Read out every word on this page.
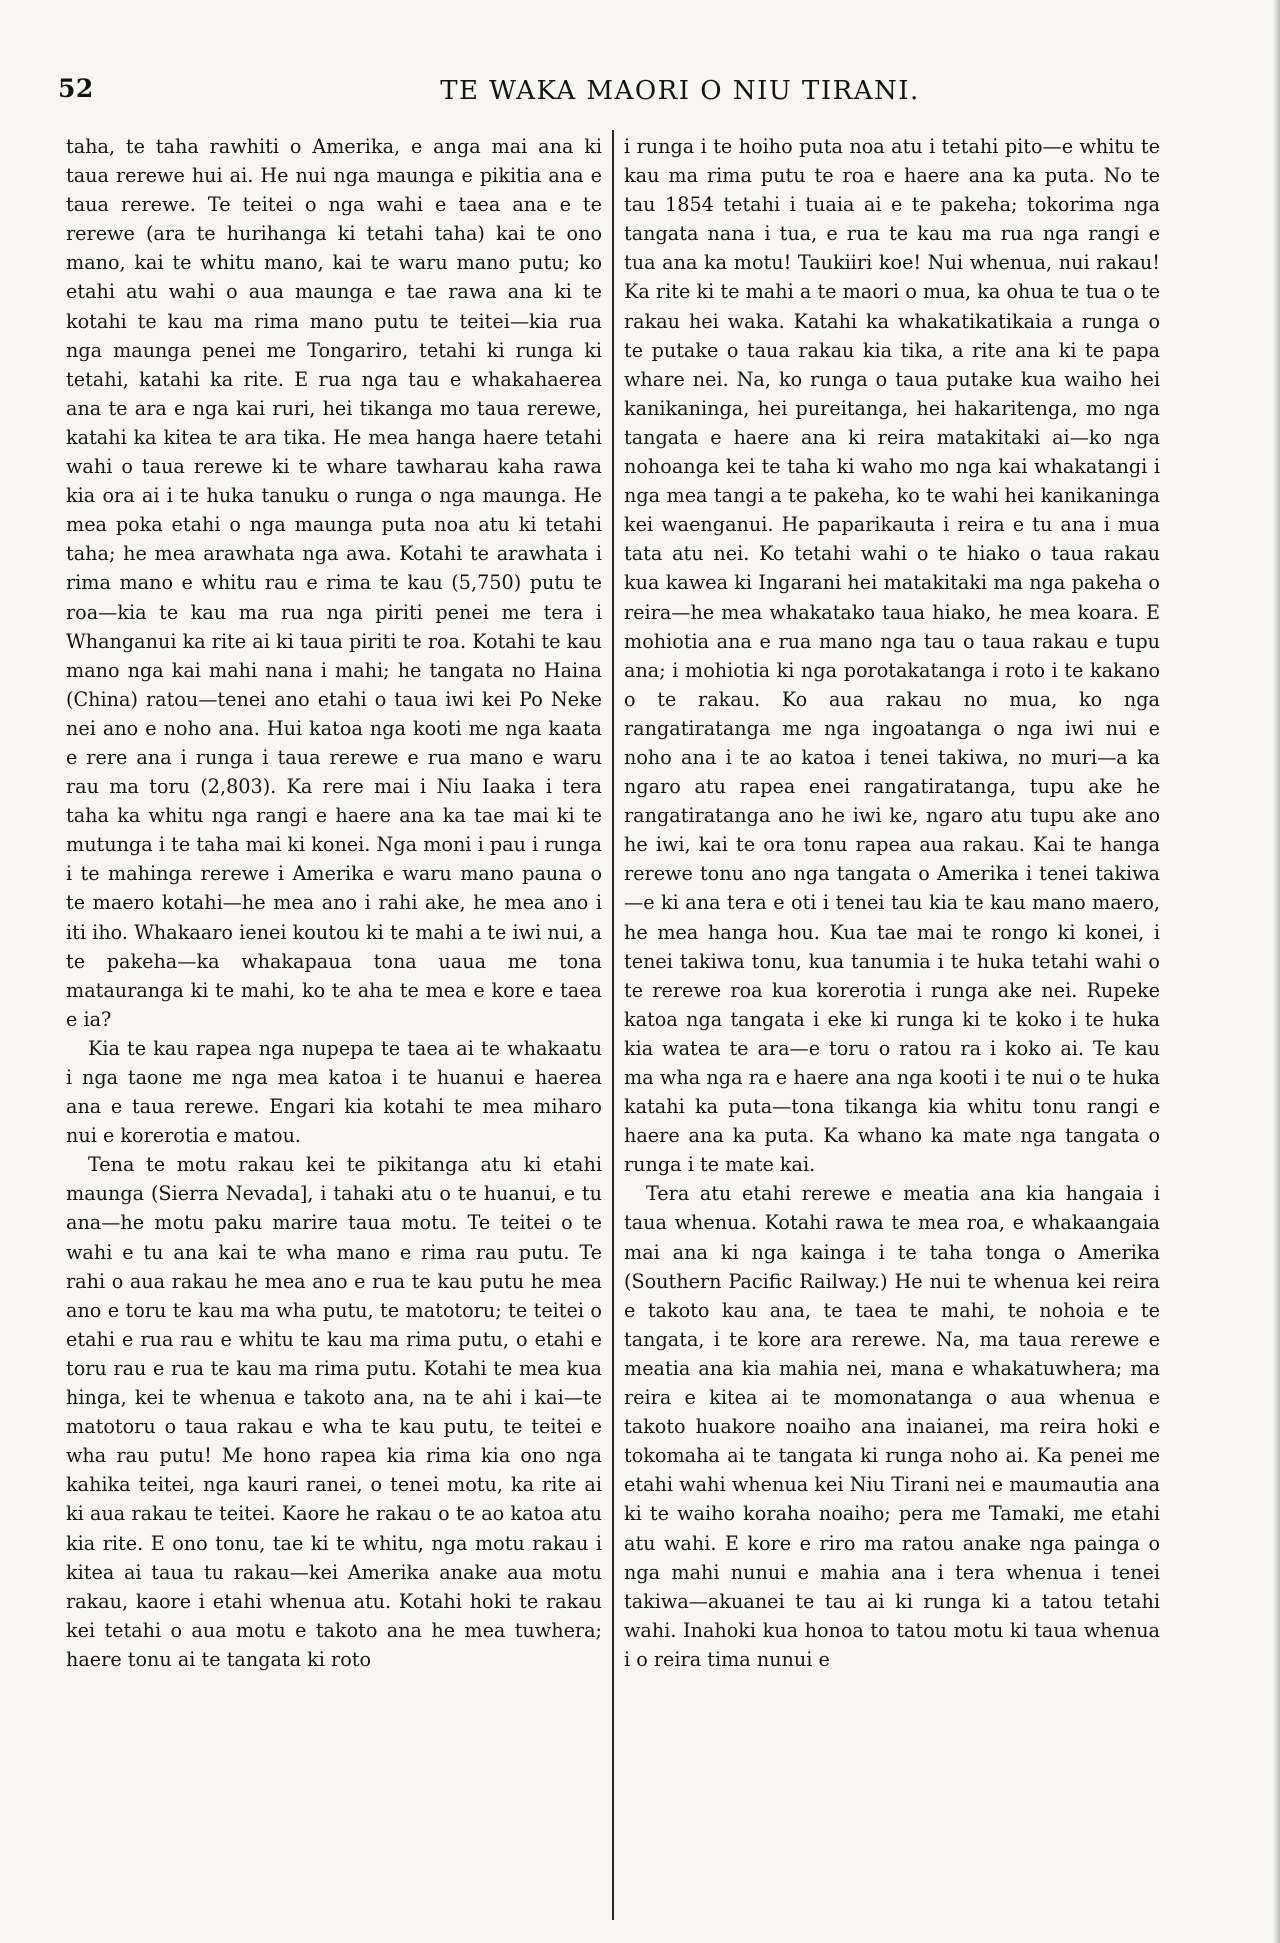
52	TE WAKA MAORI O NIU TIRANI.

taha, te taha rawhiti o Amerika, e anga mai ana ki taua rerewe hui ai. He nui nga maunga e pikitia ana e taua rerewe. Te teitei o nga wahi e taea ana e te rerewe (ara te hurihanga ki tetahi taha) kai te ono mano, kai te whitu mano, kai te waru mano putu; ko etahi atu wahi o aua maunga e tae rawa ana ki te kotahi te kau ma rima mano putu te teitei—kia rua nga maunga penei me Tongariro, tetahi ki runga ki tetahi, katahi ka rite. E rua nga tau e whakahaerea ana te ara e nga kai ruri, hei tikanga mo taua rerewe, katahi ka kitea te ara tika. He mea hanga haere tetahi wahi o taua rerewe ki te whare tawharau kaha rawa kia ora ai i te huka tanuku o runga o nga maunga. He mea poka etahi o nga maunga puta noa atu ki tetahi taha; he mea arawhata nga awa. Kotahi te arawhata i rima mano e whitu rau e rima te kau (5,750) putu te roa—kia te kau ma rua nga piriti penei me tera i Whanganui ka rite ai ki taua piriti te roa. Kotahi te kau mano nga kai mahi nana i mahi; he tangata no Haina (China) ratou—tenei ano etahi o taua iwi kei Po Neke nei ano e noho ana. Hui katoa nga kooti me nga kaata e rere ana i runga i taua rerewe e rua mano e waru rau ma toru (2,803). Ka rere mai i Niu Iaaka i tera taha ka whitu nga rangi e haere ana ka tae mai ki te mutunga i te taha mai ki konei. Nga moni i pau i runga i te mahinga rerewe i Amerika e waru mano pauna o te maero kotahi—he mea ano i rahi ake, he mea ano i iti iho. Whakaaro ienei koutou ki te mahi a te iwi nui, a te pakeha—ka whakapaua tona uaua me tona matauranga ki te mahi, ko te aha te mea e kore e taea e ia?

Kia te kau rapea nga nupepa te taea ai te whakaatu i nga taone me nga mea katoa i te huanui e haerea ana e taua rerewe. Engari kia kotahi te mea miharo nui e korerotia e matou.

Tena te motu rakau kei te pikitanga atu ki etahi maunga (Sierra Nevada], i tahaki atu o te huanui, e tu ana—he motu paku marire taua motu. Te teitei o te wahi e tu ana kai te wha mano e rima rau putu. Te rahi o aua rakau he mea ano e rua te kau putu he mea ano e toru te kau ma wha putu, te matotoru; te teitei o etahi e rua rau e whitu te kau ma rima putu, o etahi e toru rau e rua te kau ma rima putu. Kotahi te mea kua hinga, kei te whenua e takoto ana, na te ahi i kai—te matotoru o taua rakau e wha te kau putu, te teitei e wha rau putu! Me hono rapea kia rima kia ono nga kahika teitei, nga kauri ranei, o tenei motu, ka rite ai ki aua rakau te teitei. Kaore he rakau o te ao katoa atu kia rite. E ono tonu, tae ki te whitu, nga motu rakau i kitea ai taua tu rakau—kei Amerika anake aua motu rakau, kaore i etahi whenua atu. Kotahi hoki te rakau kei tetahi o aua motu e takoto ana he mea tuwhera; haere tonu ai te tangata ki roto

i runga i te hoiho puta noa atu i tetahi pito—e whitu te kau ma rima putu te roa e haere ana ka puta. No te tau 1854 tetahi i tuaia ai e te pakeha; tokorima nga tangata nana i tua, e rua te kau ma rua nga rangi e tua ana ka motu! Taukiiri koe! Nui whenua, nui rakau! Ka rite ki te mahi a te maori o mua, ka ohua te tua o te rakau hei waka. Katahi ka whakatikatikaia a runga o te putake o taua rakau kia tika, a rite ana ki te papa whare nei. Na, ko runga o taua putake kua waiho hei kanikaninga, hei pureitanga, hei hakaritenga, mo nga tangata e haere ana ki reira matakitaki ai—ko nga nohoanga kei te taha ki waho mo nga kai whakatangi i nga mea tangi a te pakeha, ko te wahi hei kanikaninga kei waenganui. He paparikauta i reira e tu ana i mua tata atu nei. Ko tetahi wahi o te hiako o taua rakau kua kawea ki Ingarani hei matakitaki ma nga pakeha o reira—he mea whakatako taua hiako, he mea koara. E mohiotia ana e rua mano nga tau o taua rakau e tupu ana; i mohiotia ki nga porotakatanga i roto i te kakano o te rakau. Ko aua rakau no mua, ko nga rangatiratanga me nga ingoatanga o nga iwi nui e noho ana i te ao katoa i tenei takiwa, no muri—a ka ngaro atu rapea enei rangatiratanga, tupu ake he rangatiratanga ano he iwi ke, ngaro atu tupu ake ano he iwi, kai te ora tonu rapea aua rakau. Kai te hanga rerewe tonu ano nga tangata o Amerika i tenei takiwa—e ki ana tera e oti i tenei tau kia te kau mano maero, he mea hanga hou. Kua tae mai te rongo ki konei, i tenei takiwa tonu, kua tanumia i te huka tetahi wahi o te rerewe roa kua korerotia i runga ake nei. Rupeke katoa nga tangata i eke ki runga ki te koko i te huka kia watea te ara—e toru o ratou ra i koko ai. Te kau ma wha nga ra e haere ana nga kooti i te nui o te huka katahi ka puta—tona tikanga kia whitu tonu rangi e haere ana ka puta. Ka whano ka mate nga tangata o runga i te mate kai.

Tera atu etahi rerewe e meatia ana kia hangaia i taua whenua. Kotahi rawa te mea roa, e whakaangaia mai ana ki nga kainga i te taha tonga o Amerika (Southern Pacific Railway.) He nui te whenua kei reira e takoto kau ana, te taea te mahi, te nohoia e te tangata, i te kore ara rerewe. Na, ma taua rerewe e meatia ana kia mahia nei, mana e whakatuwhera; ma reira e kitea ai te momonatanga o aua whenua e takoto huakore noaiho ana inaianei, ma reira hoki e tokomaha ai te tangata ki runga noho ai. Ka penei me etahi wahi whenua kei Niu Tirani nei e maumautia ana ki te waiho koraha noaiho; pera me Tamaki, me etahi atu wahi. E kore e riro ma ratou anake nga painga o nga mahi nunui e mahia ana i tera whenua i tenei takiwa—akuanei te tau ai ki runga ki a tatou tetahi wahi. Inahoki kua honoa to tatou motu ki taua whenua i o reira tima nunui e
